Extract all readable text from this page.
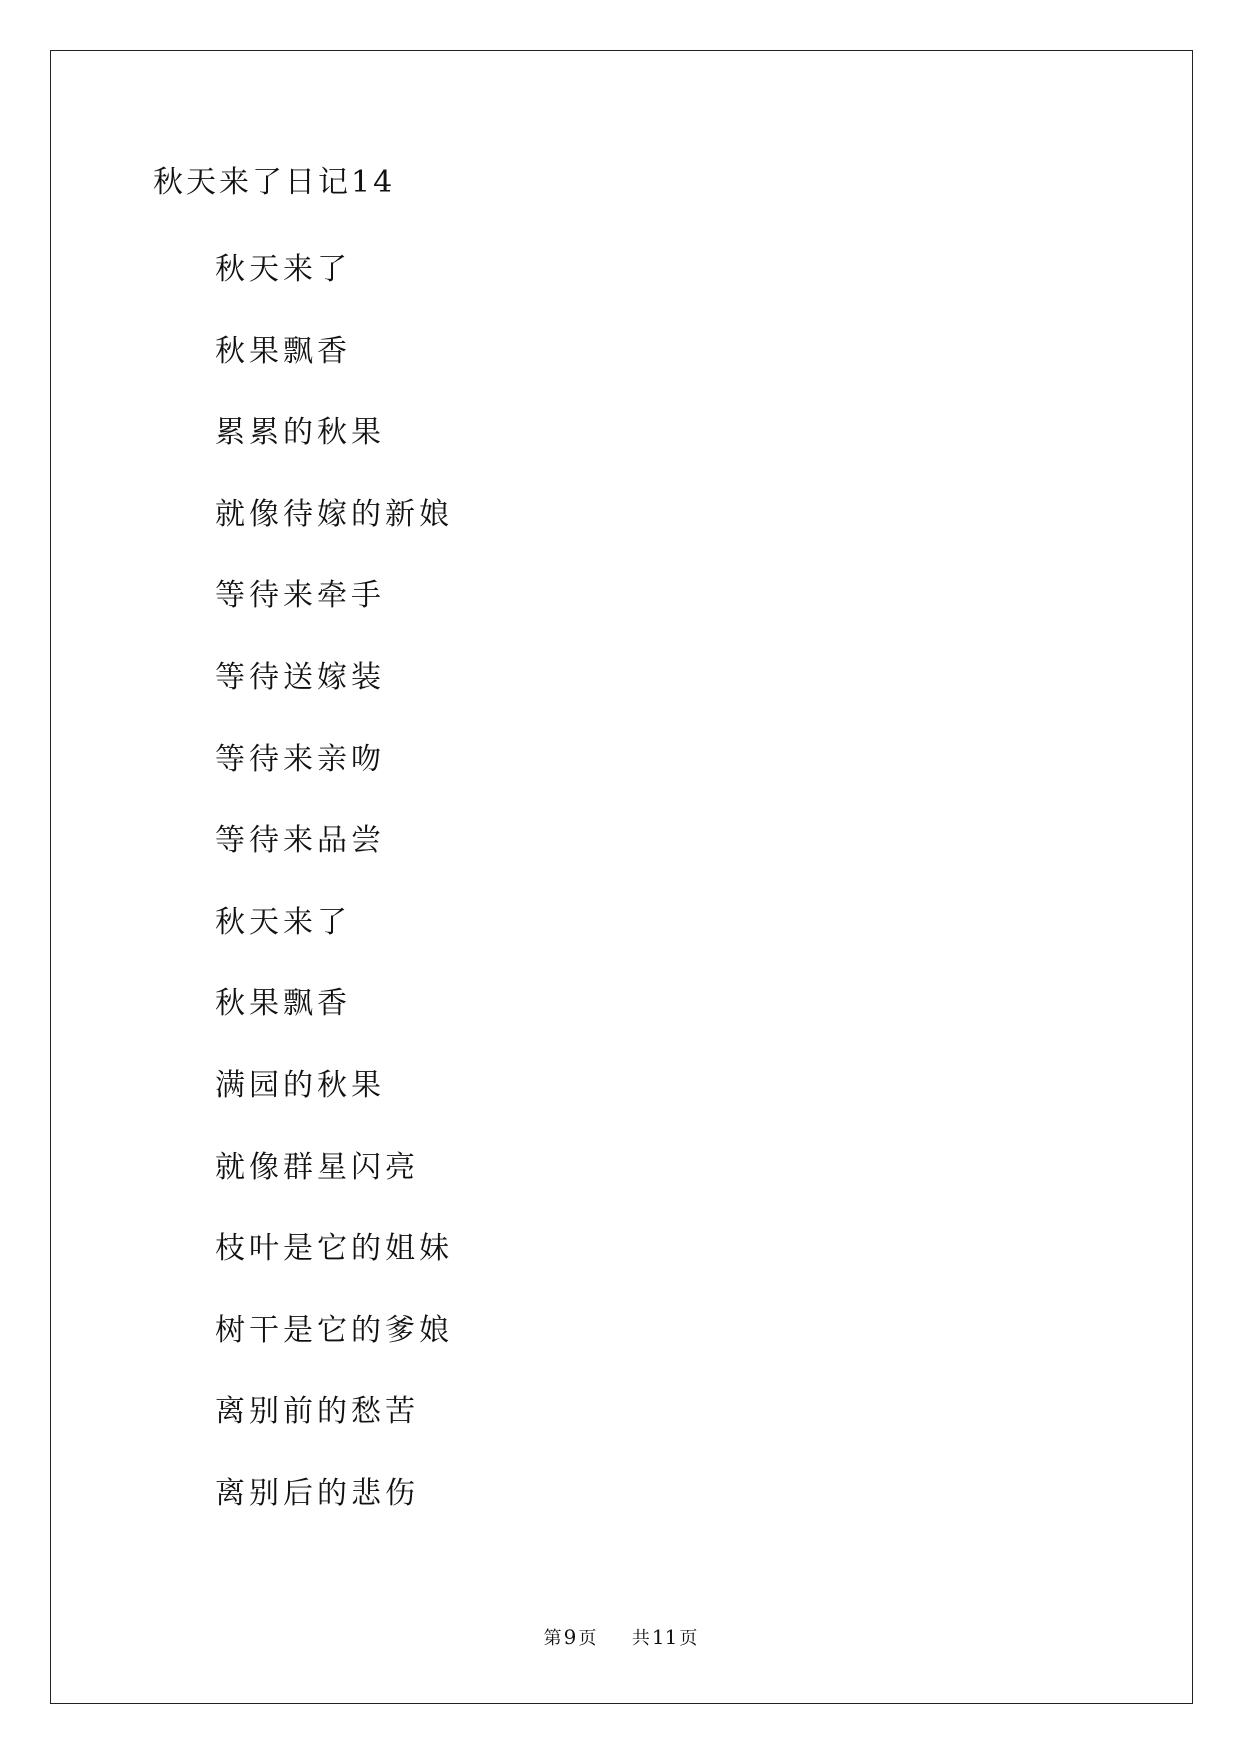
秋天来了日记14
秋天来了
秋果飘香
累累的秋果
就像待嫁的新娘
等待来牵手
等待送嫁装
等待来亲吻
等待来品尝
秋天来了
秋果飘香
满园的秋果
就像群星闪亮
枝叶是它的姐妹
树干是它的爹娘
离别前的愁苦
离别后的悲伤
第 9 页 共 11 页
